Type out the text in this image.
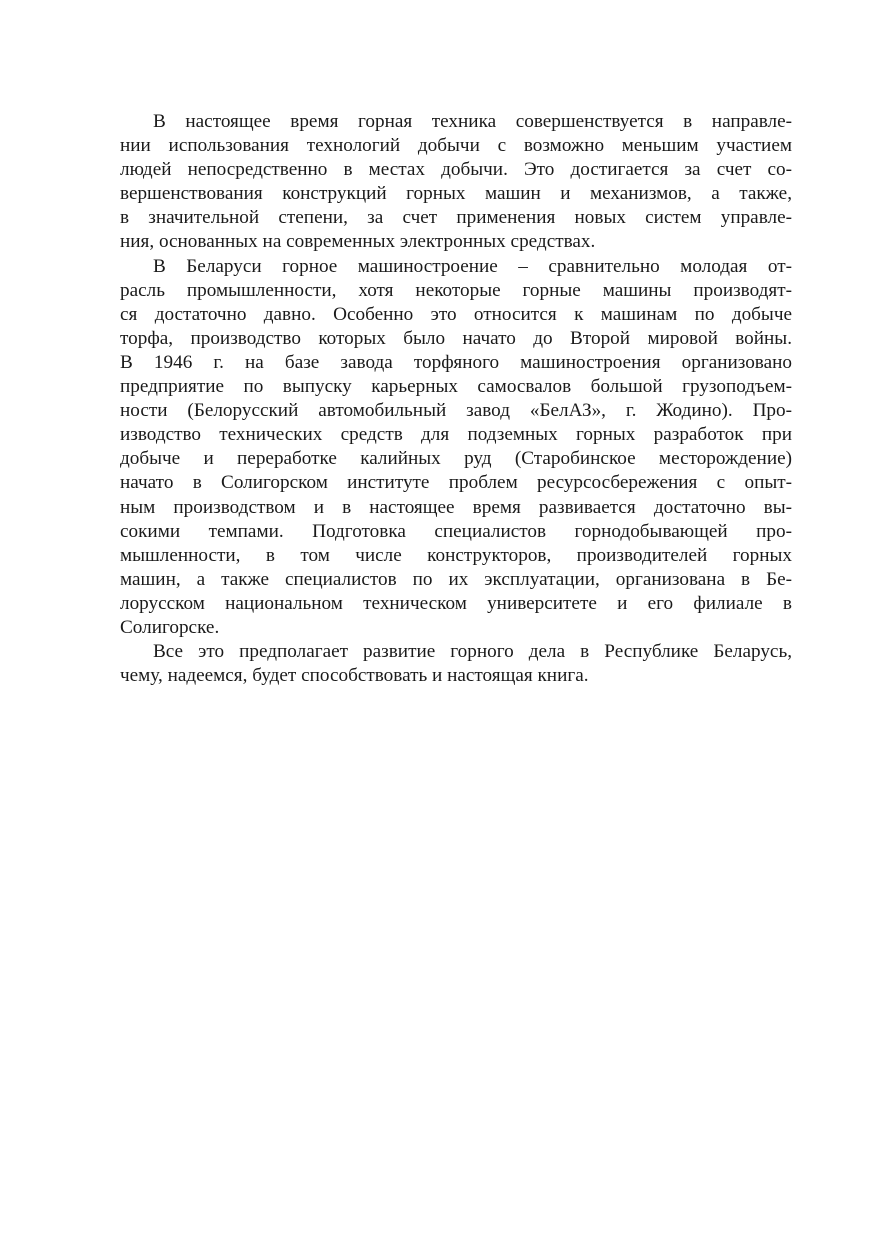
В настоящее время горная техника совершенствуется в направле-
нии использования технологий добычи с возможно меньшим участием
людей непосредственно в местах добычи. Это достигается за счет со-
вершенствования конструкций горных машин и механизмов, а также,
в значительной степени, за счет применения новых систем управле-
ния, основанных на современных электронных средствах.
В Беларуси горное машиностроение – сравнительно молодая от-
расль промышленности, хотя некоторые горные машины производят-
ся достаточно давно. Особенно это относится к машинам по добыче
торфа, производство которых было начато до Второй мировой войны.
В 1946 г. на базе завода торфяного машиностроения организовано
предприятие по выпуску карьерных самосвалов большой грузоподъем-
ности (Белорусский автомобильный завод «БелАЗ», г. Жодино). Про-
изводство технических средств для подземных горных разработок при
добыче и переработке калийных руд (Старобинское месторождение)
начато в Солигорском институте проблем ресурсосбережения с опыт-
ным производством и в настоящее время развивается достаточно вы-
сокими темпами. Подготовка специалистов горнодобывающей про-
мышленности, в том числе конструкторов, производителей горных
машин, а также специалистов по их эксплуатации, организована в Бе-
лорусском национальном техническом университете и его филиале в
Солигорске.
Все это предполагает развитие горного дела в Республике Беларусь,
чему, надеемся, будет способствовать и настоящая книга.
